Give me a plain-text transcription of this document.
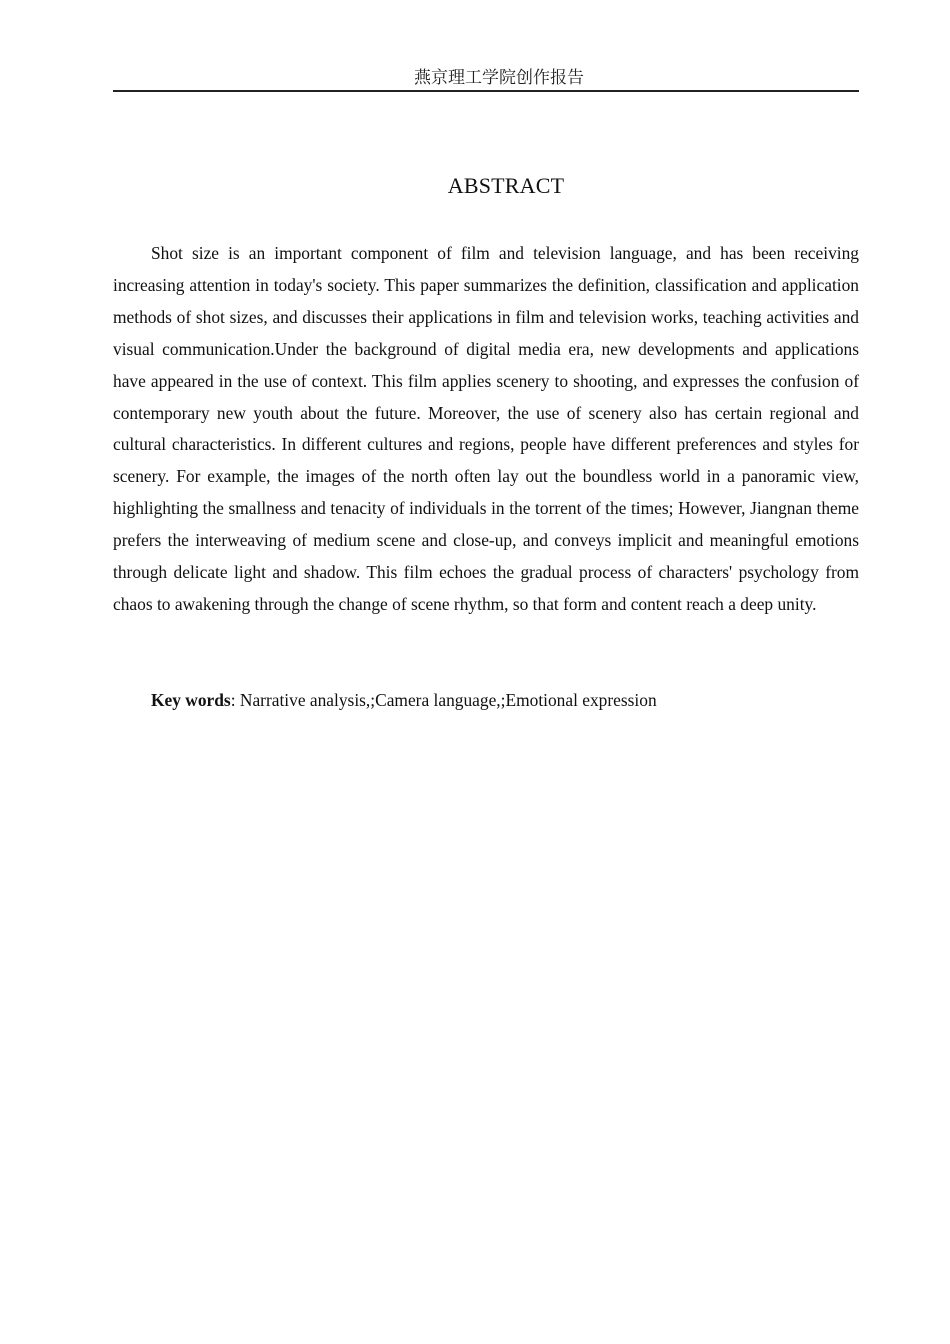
燕京理工学院创作报告
ABSTRACT

Shot size is an important component of film and television language, and has been receiving increasing attention in today's society. This paper summarizes the definition, classification and application methods of shot sizes, and discusses their applications in film and television works, teaching activities and visual communication.Under the background of digital media era, new developments and applications have appeared in the use of context. This film applies scenery to shooting, and expresses the confusion of contemporary new youth about the future. Moreover, the use of scenery also has certain regional and cultural characteristics. In different cultures and regions, people have different preferences and styles for scenery. For example, the images of the north often lay out the boundless world in a panoramic view, highlighting the smallness and tenacity of individuals in the torrent of the times; However, Jiangnan theme prefers the interweaving of medium scene and close-up, and conveys implicit and meaningful emotions through delicate light and shadow. This film echoes the gradual process of characters' psychology from chaos to awakening through the change of scene rhythm, so that form and content reach a deep unity.

Key words: Narrative analysis,;Camera language,;Emotional expression
